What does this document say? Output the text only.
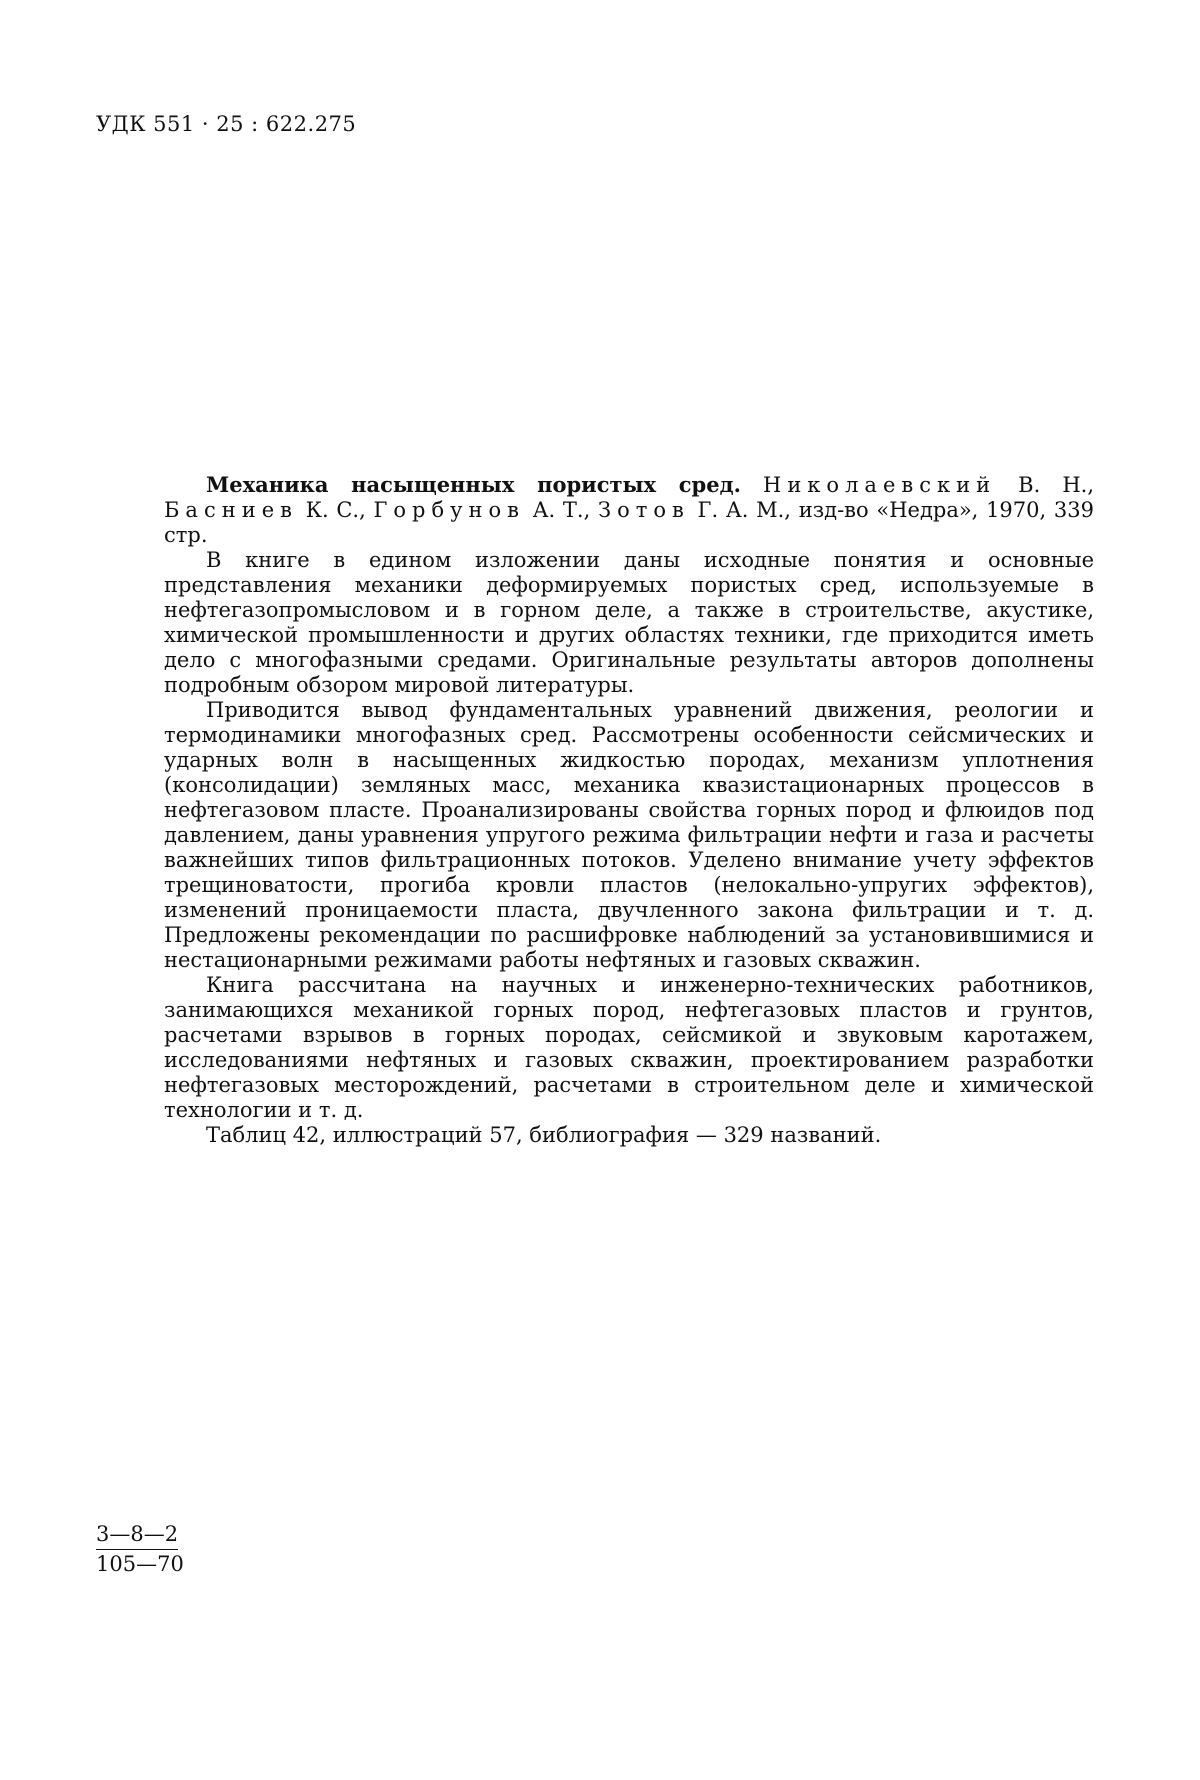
УДК 551 · 25 : 622.275

Механика насыщенных пористых сред. Николаевский В. Н., Басниев К. С., Горбунов А. Т., Зотов Г. А. М., изд-во «Недра», 1970, 339 стр.

В книге в едином изложении даны исходные понятия и основные представления механики деформируемых пористых сред, используемые в нефтегазопромысловом и в горном деле, а также в строительстве, акустике, химической промышленности и других областях техники, где приходится иметь дело с многофазными средами. Оригинальные результаты авторов дополнены подробным обзором мировой литературы.

Приводится вывод фундаментальных уравнений движения, реологии и термодинамики многофазных сред. Рассмотрены особенности сейсмических и ударных волн в насыщенных жидкостью породах, механизм уплотнения (консолидации) земляных масс, механика квазистационарных процессов в нефтегазовом пласте. Проанализированы свойства горных пород и флюидов под давлением, даны уравнения упругого режима фильтрации нефти и газа и расчеты важнейших типов фильтрационных потоков. Уделено внимание учету эффектов трещиноватости, прогиба кровли пластов (нелокально-упругих эффектов), изменений проницаемости пласта, двучленного закона фильтрации и т. д. Предложены рекомендации по расшифровке наблюдений за установившимися и нестационарными режимами работы нефтяных и газовых скважин.

Книга рассчитана на научных и инженерно-технических работников, занимающихся механикой горных пород, нефтегазовых пластов и грунтов, расчетами взрывов в горных породах, сейсмикой и звуковым каротажем, исследованиями нефтяных и газовых скважин, проектированием разработки нефтегазовых месторождений, расчетами в строительном деле и химической технологии и т. д.

Таблиц 42, иллюстраций 57, библиография — 329 названий.

$\frac{3—8—2}{105—70}$
